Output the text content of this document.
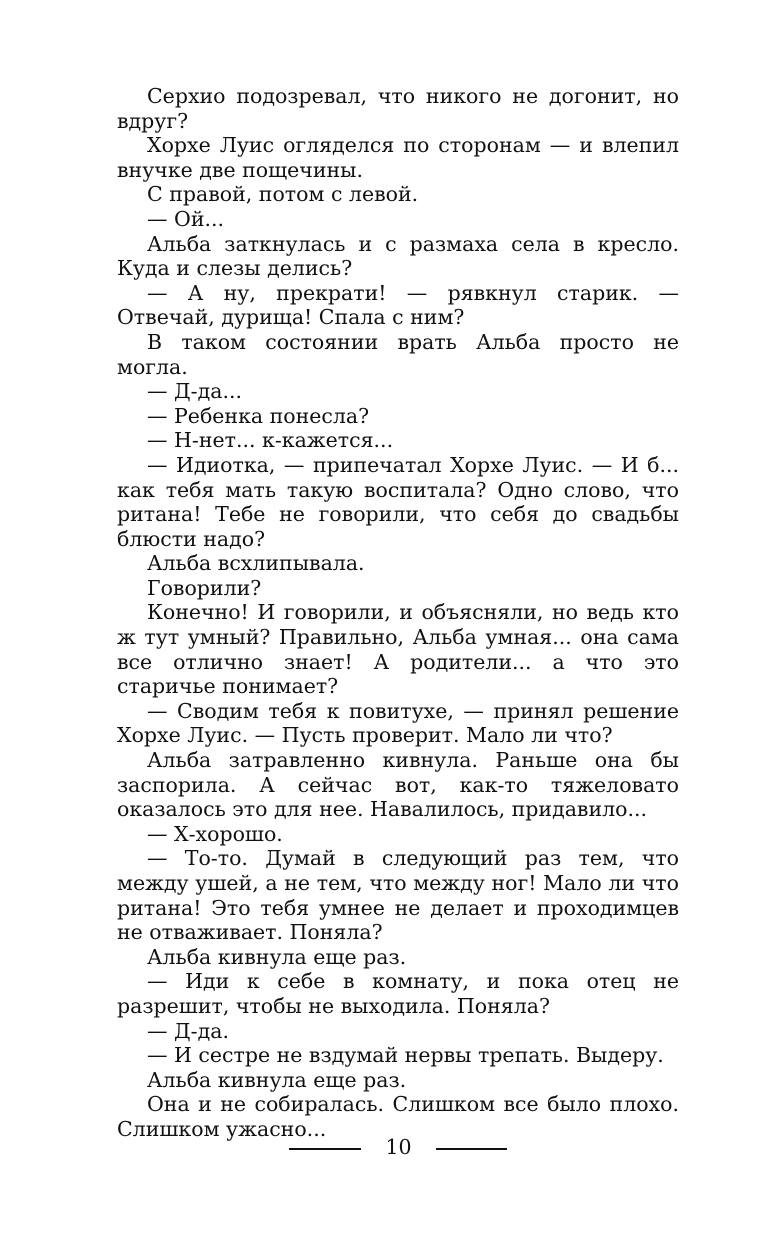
Серхио подозревал, что никого не догонит, но вдруг?

Хорхе Луис огляделся по сторонам — и влепил внучке две пощечины.

С правой, потом с левой.

— Ой...

Альба заткнулась и с размаха села в кресло. Куда и слезы делись?

— А ну, прекрати! — рявкнул старик. — Отвечай, дурища! Спала с ним?

В таком состоянии врать Альба просто не могла.

— Д-да...

— Ребенка понесла?

— Н-нет... к-кажется...

— Идиотка, — припечатал Хорхе Луис. — И б... как тебя мать такую воспитала? Одно слово, что ритана! Тебе не говорили, что себя до свадьбы блюсти надо?

Альба всхлипывала.

Говорили?

Конечно! И говорили, и объясняли, но ведь кто ж тут умный? Правильно, Альба умная... она сама все отлично знает! А родители... а что это старичье понимает?

— Сводим тебя к повитухе, — принял решение Хорхе Луис. — Пусть проверит. Мало ли что?

Альба затравленно кивнула. Раньше она бы заспорила. А сейчас вот, как-то тяжеловато оказалось это для нее. Навалилось, придавило...

— Х-хорошо.

— То-то. Думай в следующий раз тем, что между ушей, а не тем, что между ног! Мало ли что ритана! Это тебя умнее не делает и проходимцев не отваживает. Поняла?

Альба кивнула еще раз.

— Иди к себе в комнату, и пока отец не разрешит, чтобы не выходила. Поняла?

— Д-да.

— И сестре не вздумай нервы трепать. Выдеру.

Альба кивнула еще раз.

Она и не собиралась. Слишком все было плохо. Слишком ужасно...

10
